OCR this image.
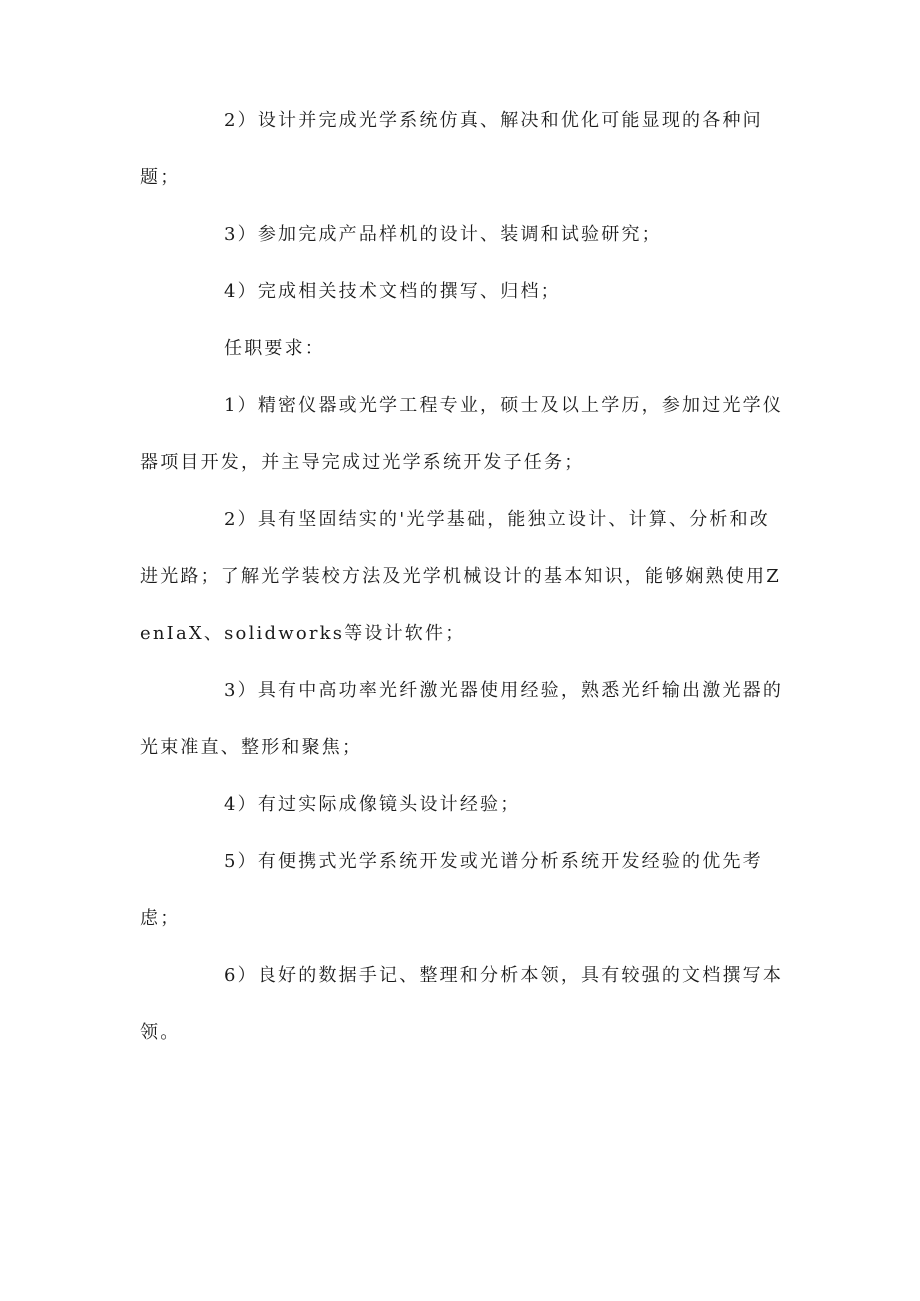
2）设计并完成光学系统仿真、解决和优化可能显现的各种问题；

3）参加完成产品样机的设计、装调和试验研究；

4）完成相关技术文档的撰写、归档；

任职要求：

1）精密仪器或光学工程专业，硕士及以上学历，参加过光学仪器项目开发，并主导完成过光学系统开发子任务；

2）具有坚固结实的'光学基础，能独立设计、计算、分析和改进光路；了解光学装校方法及光学机械设计的基本知识，能够娴熟使用ZenIaX、solidworks等设计软件；

3）具有中高功率光纤激光器使用经验，熟悉光纤输出激光器的光束准直、整形和聚焦；

4）有过实际成像镜头设计经验；

5）有便携式光学系统开发或光谱分析系统开发经验的优先考虑；

6）良好的数据手记、整理和分析本领，具有较强的文档撰写本领。
